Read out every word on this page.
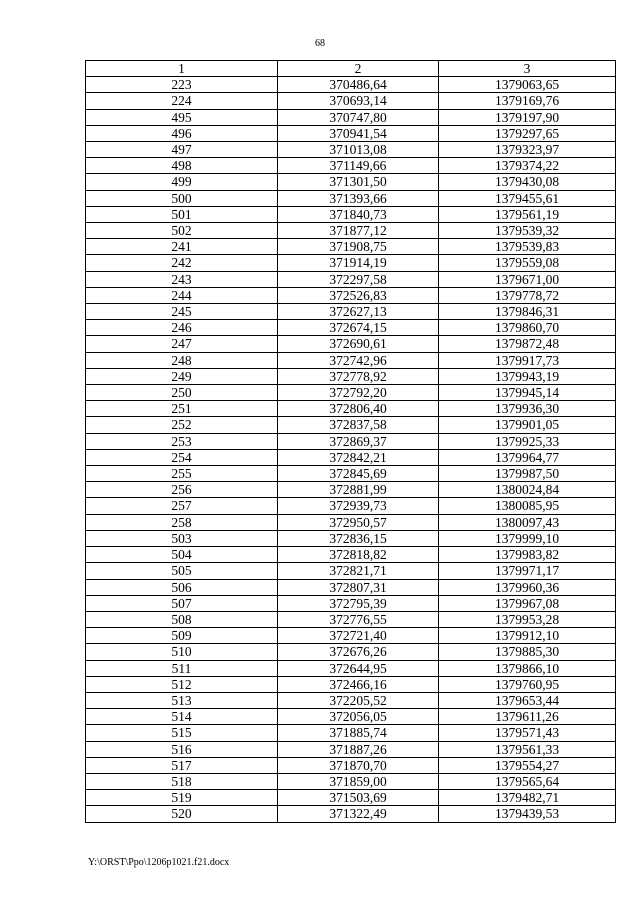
68
1	2	3
223	370486,64	1379063,65
224	370693,14	1379169,76
495	370747,80	1379197,90
496	370941,54	1379297,65
497	371013,08	1379323,97
498	371149,66	1379374,22
499	371301,50	1379430,08
500	371393,66	1379455,61
501	371840,73	1379561,19
502	371877,12	1379539,32
241	371908,75	1379539,83
242	371914,19	1379559,08
243	372297,58	1379671,00
244	372526,83	1379778,72
245	372627,13	1379846,31
246	372674,15	1379860,70
247	372690,61	1379872,48
248	372742,96	1379917,73
249	372778,92	1379943,19
250	372792,20	1379945,14
251	372806,40	1379936,30
252	372837,58	1379901,05
253	372869,37	1379925,33
254	372842,21	1379964,77
255	372845,69	1379987,50
256	372881,99	1380024,84
257	372939,73	1380085,95
258	372950,57	1380097,43
503	372836,15	1379999,10
504	372818,82	1379983,82
505	372821,71	1379971,17
506	372807,31	1379960,36
507	372795,39	1379967,08
508	372776,55	1379953,28
509	372721,40	1379912,10
510	372676,26	1379885,30
511	372644,95	1379866,10
512	372466,16	1379760,95
513	372205,52	1379653,44
514	372056,05	1379611,26
515	371885,74	1379571,43
516	371887,26	1379561,33
517	371870,70	1379554,27
518	371859,00	1379565,64
519	371503,69	1379482,71
520	371322,49	1379439,53
Y:\ORST\Ppo\1206p1021.f21.docx
